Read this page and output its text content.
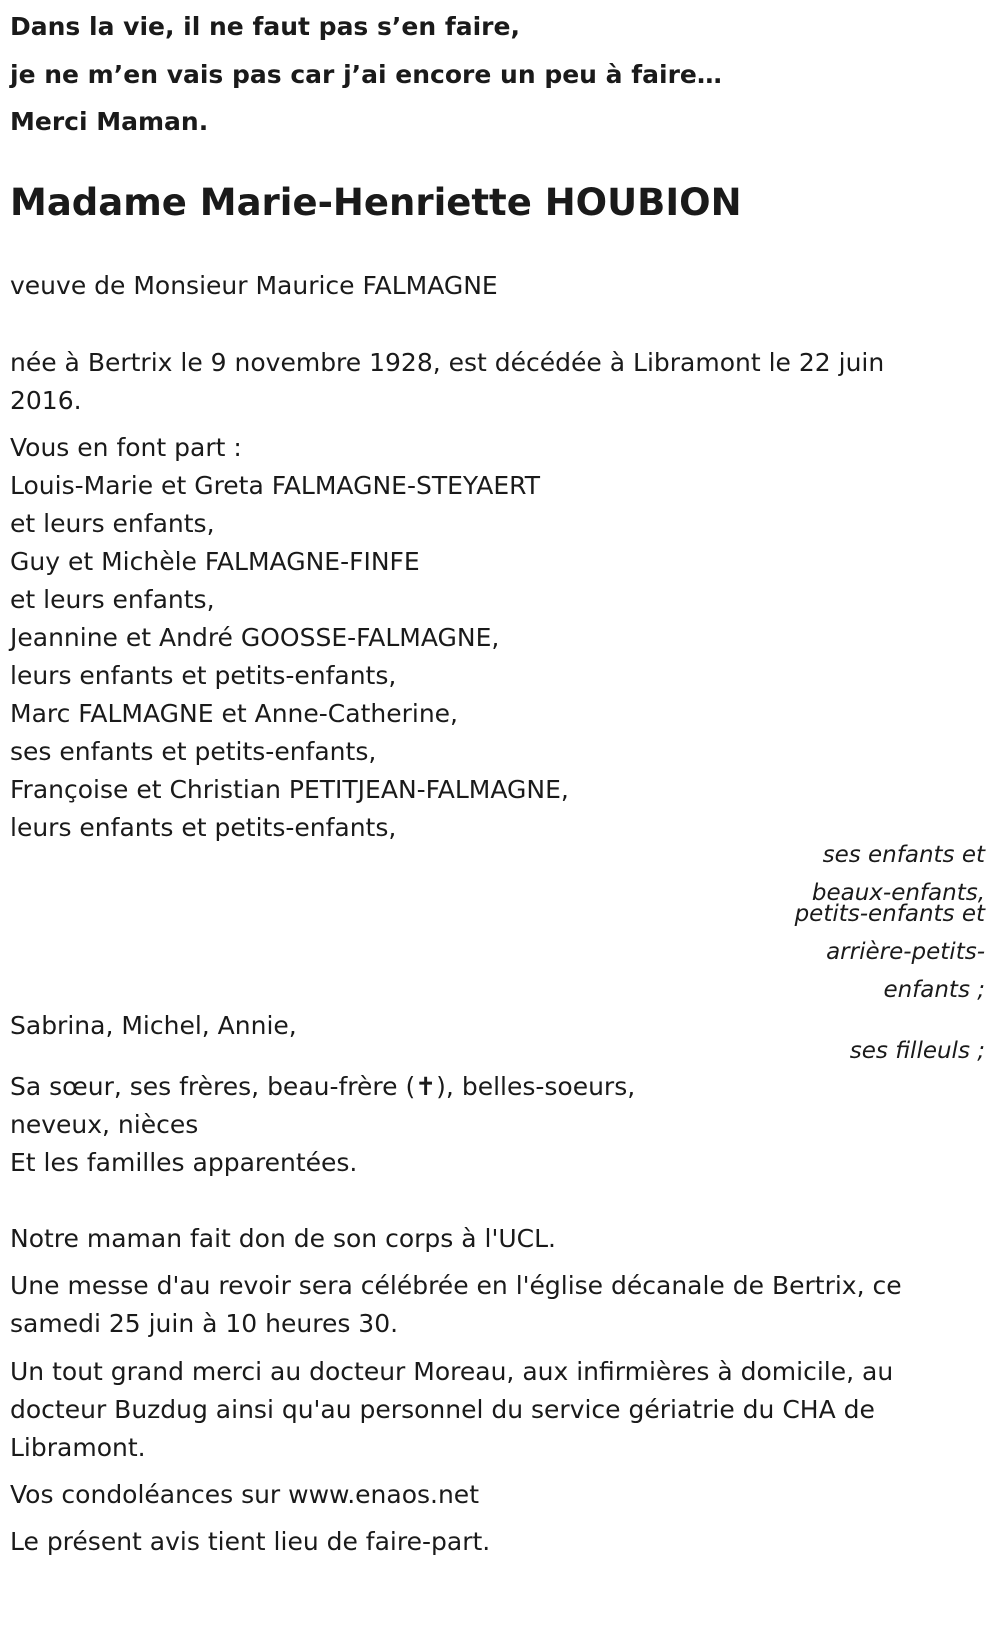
Dans la vie, il ne faut pas s’en faire,
je ne m’en vais pas car j’ai encore un peu à faire…
Merci Maman.
Madame Marie-Henriette HOUBION
veuve de Monsieur Maurice FALMAGNE
née à Bertrix le 9 novembre 1928, est décédée à Libramont le 22 juin
2016.
Vous en font part :
Louis-Marie et Greta FALMAGNE-STEYAERT
et leurs enfants,
Guy et Michèle FALMAGNE-FINFE
et leurs enfants,
Jeannine et André GOOSSE-FALMAGNE,
leurs enfants et petits-enfants,
Marc FALMAGNE et Anne-Catherine,
ses enfants et petits-enfants,
Françoise et Christian PETITJEAN-FALMAGNE,
leurs enfants et petits-enfants,
ses enfants et
beaux-enfants,
petits-enfants et
arrière-petits-
enfants ;
Sabrina, Michel, Annie,
ses filleuls ;
Sa sœur, ses frères, beau-frère (✝), belles-soeurs,
neveux, nièces
Et les familles apparentées.
Notre maman fait don de son corps à l'UCL.
Une messe d'au revoir sera célébrée en l'église décanale de Bertrix, ce
samedi 25 juin à 10 heures 30.
Un tout grand merci au docteur Moreau, aux infirmières à domicile, au
docteur Buzdug ainsi qu'au personnel du service gériatrie du CHA de
Libramont.
Vos condoléances sur www.enaos.net
Le présent avis tient lieu de faire-part.
